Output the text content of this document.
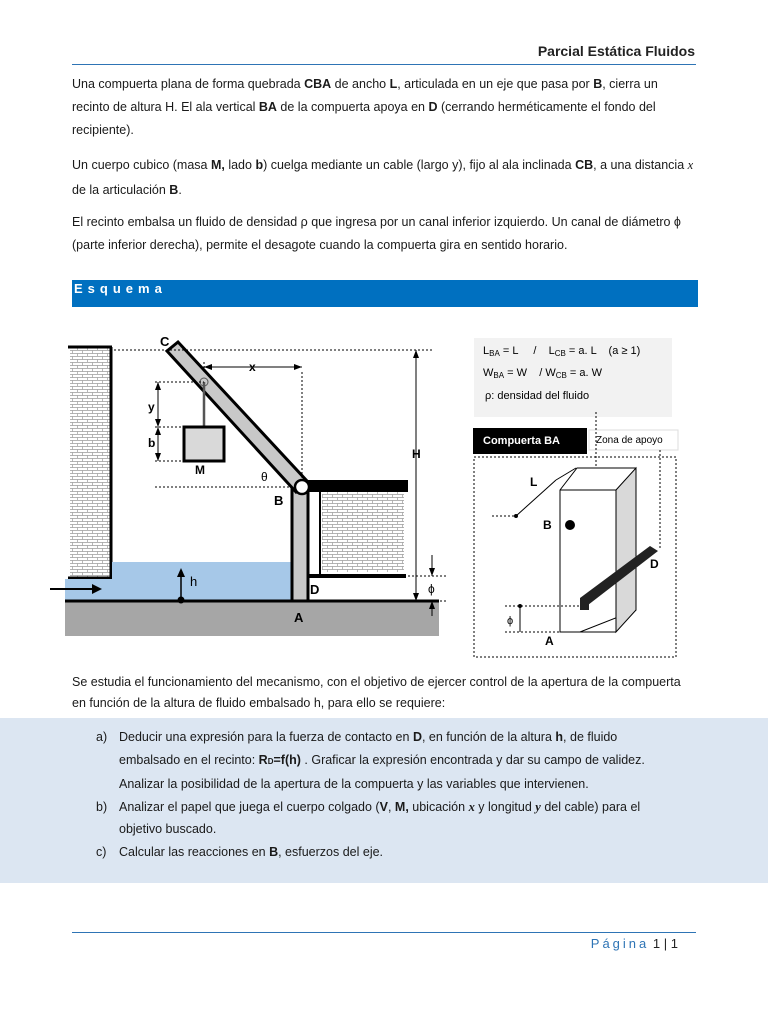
Parcial Estática Fluidos

Una compuerta plana de forma quebrada CBA de ancho L, articulada en un eje que pasa por B, cierra un recinto de altura H. El ala vertical BA de la compuerta apoya en D (cerrando herméticamente el fondo del recipiente).

Un cuerpo cubico (masa M, lado b) cuelga mediante un cable (largo y), fijo al ala inclinada CB, a una distancia x de la articulación B.

El recinto embalsa un fluido de densidad ρ que ingresa por un canal inferior izquierdo. Un canal de diámetro ϕ (parte inferior derecha), permite el desagote cuando la compuerta gira en sentido horario.

Esquema
C
x
y
b
M	θ
B
H
h
D
A
ϕ
LBA = L     /    LCB = a. L    (a ≥ 1)
WBA = W    / WCB = a. W
ρ: densidad del fluido
Compuerta BA	Zona de apoyo
L
B
D
A
ϕ

Se estudia el funcionamiento del mecanismo, con el objetivo de ejercer control de la apertura de la compuerta en función de la altura de fluido embalsado h, para ello se requiere:

a) Deducir una expresión para la fuerza de contacto en D, en función de la altura h, de fluido embalsado en el recinto: RD=f(h) . Graficar la expresión encontrada y dar su campo de validez. Analizar la posibilidad de la apertura de la compuerta y las variables que intervienen.
b) Analizar el papel que juega el cuerpo colgado (V, M, ubicación x y longitud y del cable) para el objetivo buscado.
c)	Calcular las reacciones en B, esfuerzos del eje.
Página 1 | 1
